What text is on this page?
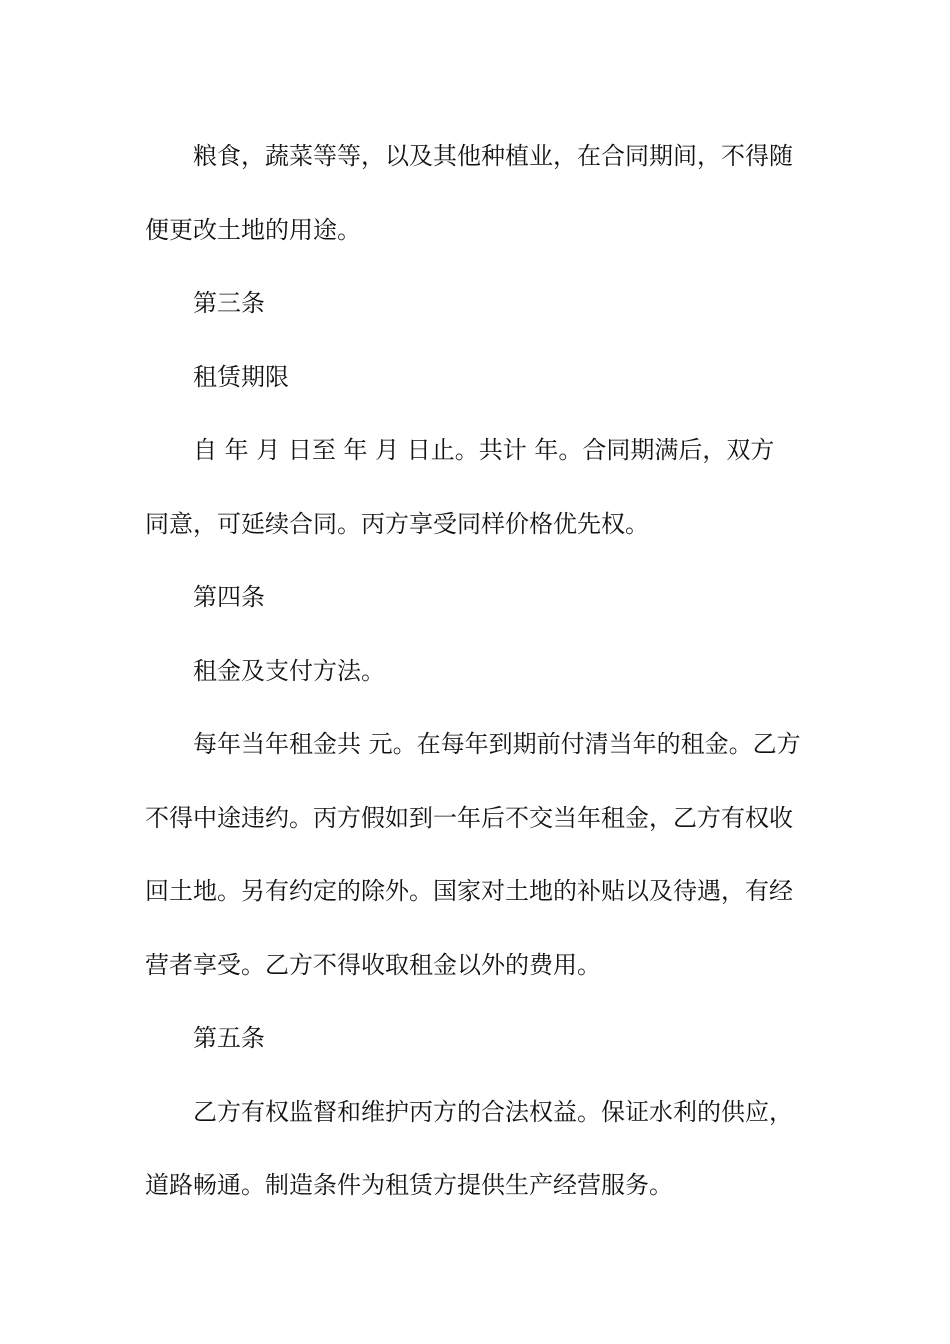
粮食，蔬菜等等，以及其他种植业，在合同期间，不得随

便更改土地的用途。

第三条

租赁期限

自 年 月 日至 年 月 日止。共计 年。合同期满后，双方

同意，可延续合同。丙方享受同样价格优先权。

第四条

租金及支付方法。

每年当年租金共 元。在每年到期前付清当年的租金。乙方

不得中途违约。丙方假如到一年后不交当年租金，乙方有权收

回土地。另有约定的除外。国家对土地的补贴以及待遇，有经

营者享受。乙方不得收取租金以外的费用。

第五条

乙方有权监督和维护丙方的合法权益。保证水利的供应，

道路畅通。制造条件为租赁方提供生产经营服务。
